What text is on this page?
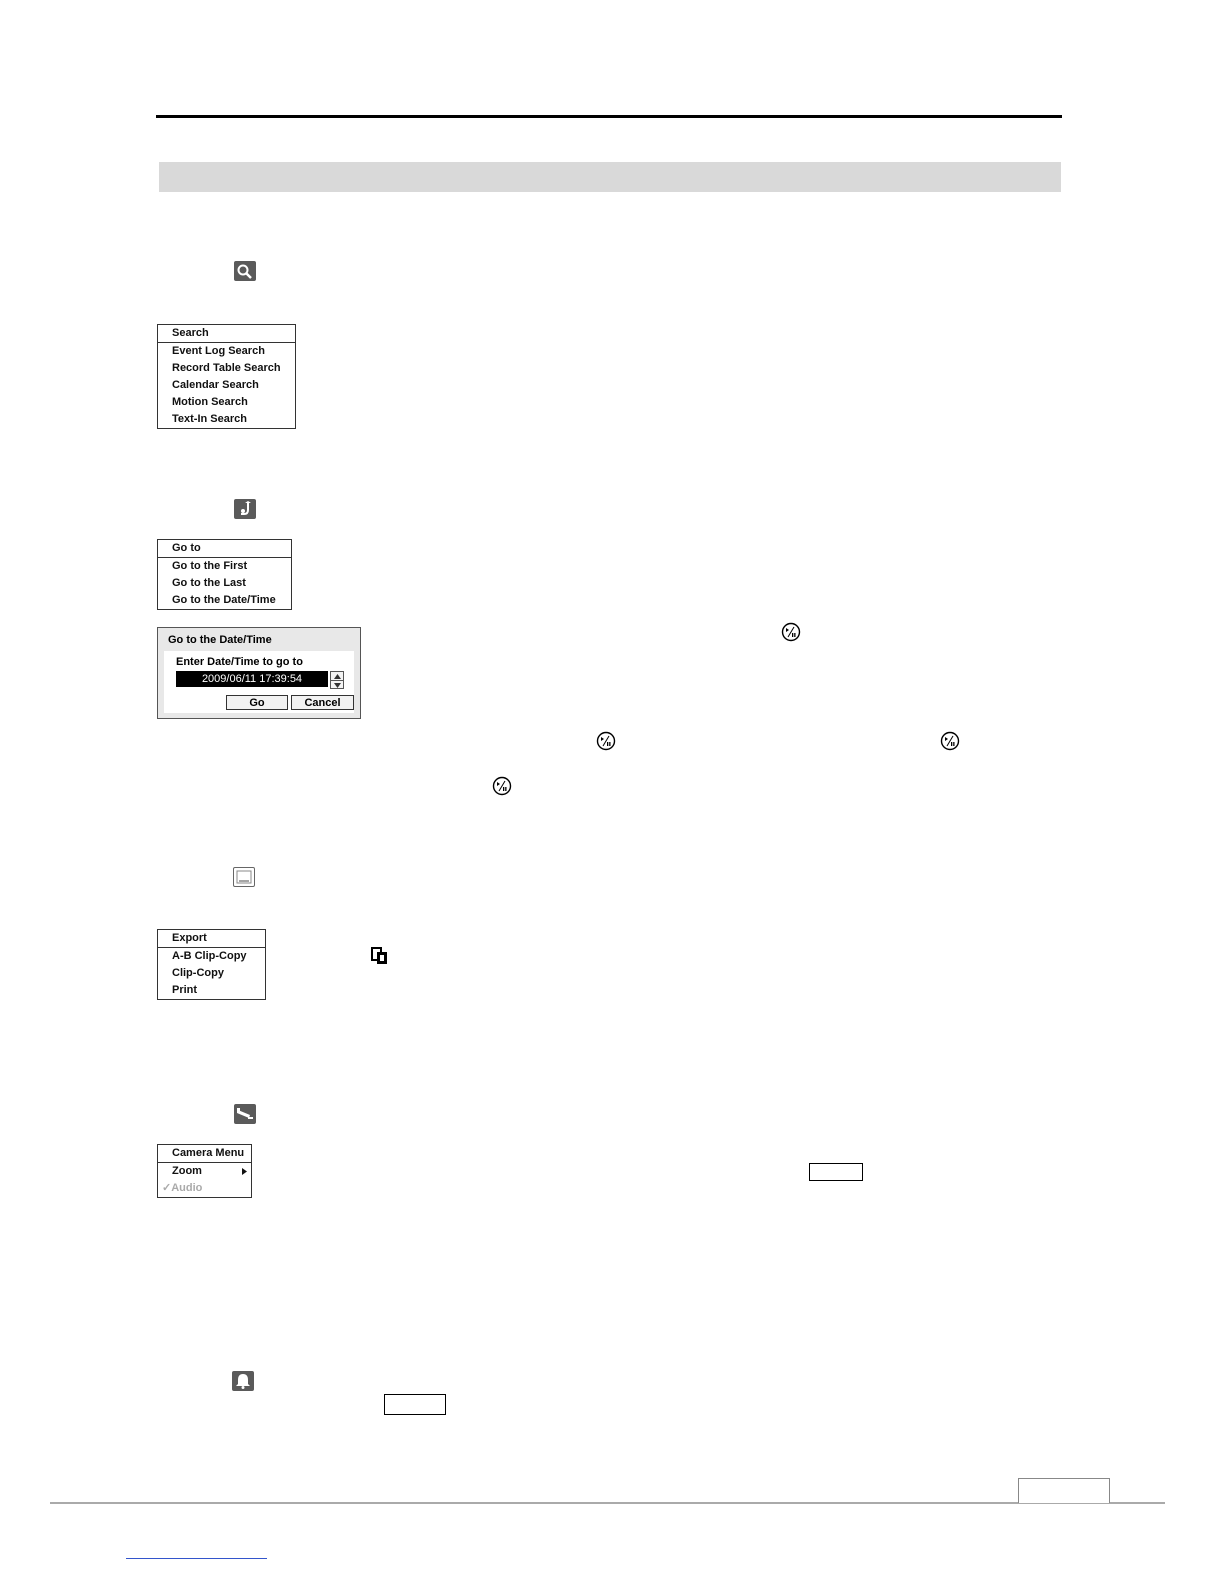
Search
Event Log Search
Record Table Search
Calendar Search
Motion Search
Text-In Search
Go to
Go to the First
Go to the Last
Go to the Date/Time
Go to the Date/Time
Enter Date/Time to go to
2009/06/11 17:39:54
Go	Cancel
Export
A-B Clip-Copy
Clip-Copy
Print
Camera Menu
Zoom
✓Audio
